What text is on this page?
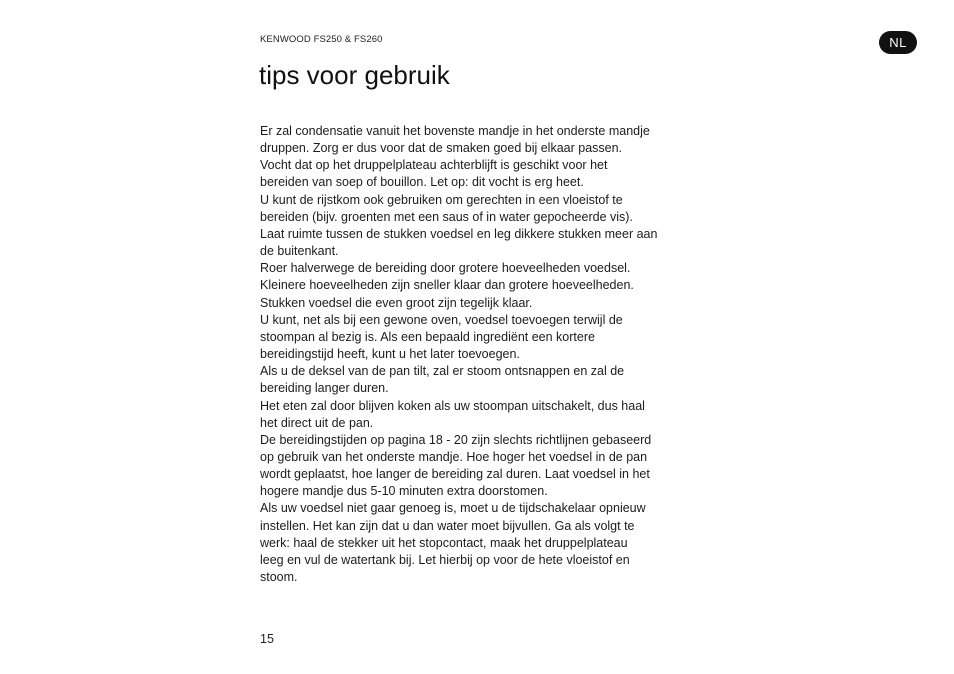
KENWOOD FS250 & FS260	NL
tips voor gebruik
Er zal condensatie vanuit het bovenste mandje in het onderste mandje
druppen. Zorg er dus voor dat de smaken goed bij elkaar passen.
Vocht dat op het druppelplateau achterblijft is geschikt voor het
bereiden van soep of bouillon. Let op: dit vocht is erg heet.
U kunt de rijstkom ook gebruiken om gerechten in een vloeistof te
bereiden (bijv. groenten met een saus of in water gepocheerde vis).
Laat ruimte tussen de stukken voedsel en leg dikkere stukken meer aan
de buitenkant.
Roer halverwege de bereiding door grotere hoeveelheden voedsel.
Kleinere hoeveelheden zijn sneller klaar dan grotere hoeveelheden.
Stukken voedsel die even groot zijn tegelijk klaar.
U kunt, net als bij een gewone oven, voedsel toevoegen terwijl de
stoompan al bezig is. Als een bepaald ingrediënt een kortere
bereidingstijd heeft, kunt u het later toevoegen.
Als u de deksel van de pan tilt, zal er stoom ontsnappen en zal de
bereiding langer duren.
Het eten zal door blijven koken als uw stoompan uitschakelt, dus haal
het direct uit de pan.
De bereidingstijden op pagina 18 - 20 zijn slechts richtlijnen gebaseerd
op gebruik van het onderste mandje. Hoe hoger het voedsel in de pan
wordt geplaatst, hoe langer de bereiding zal duren. Laat voedsel in het
hogere mandje dus 5-10 minuten extra doorstomen.
Als uw voedsel niet gaar genoeg is, moet u de tijdschakelaar opnieuw
instellen. Het kan zijn dat u dan water moet bijvullen. Ga als volgt te
werk: haal de stekker uit het stopcontact, maak het druppelplateau
leeg en vul de watertank bij. Let hierbij op voor de hete vloeistof en
stoom.
15
